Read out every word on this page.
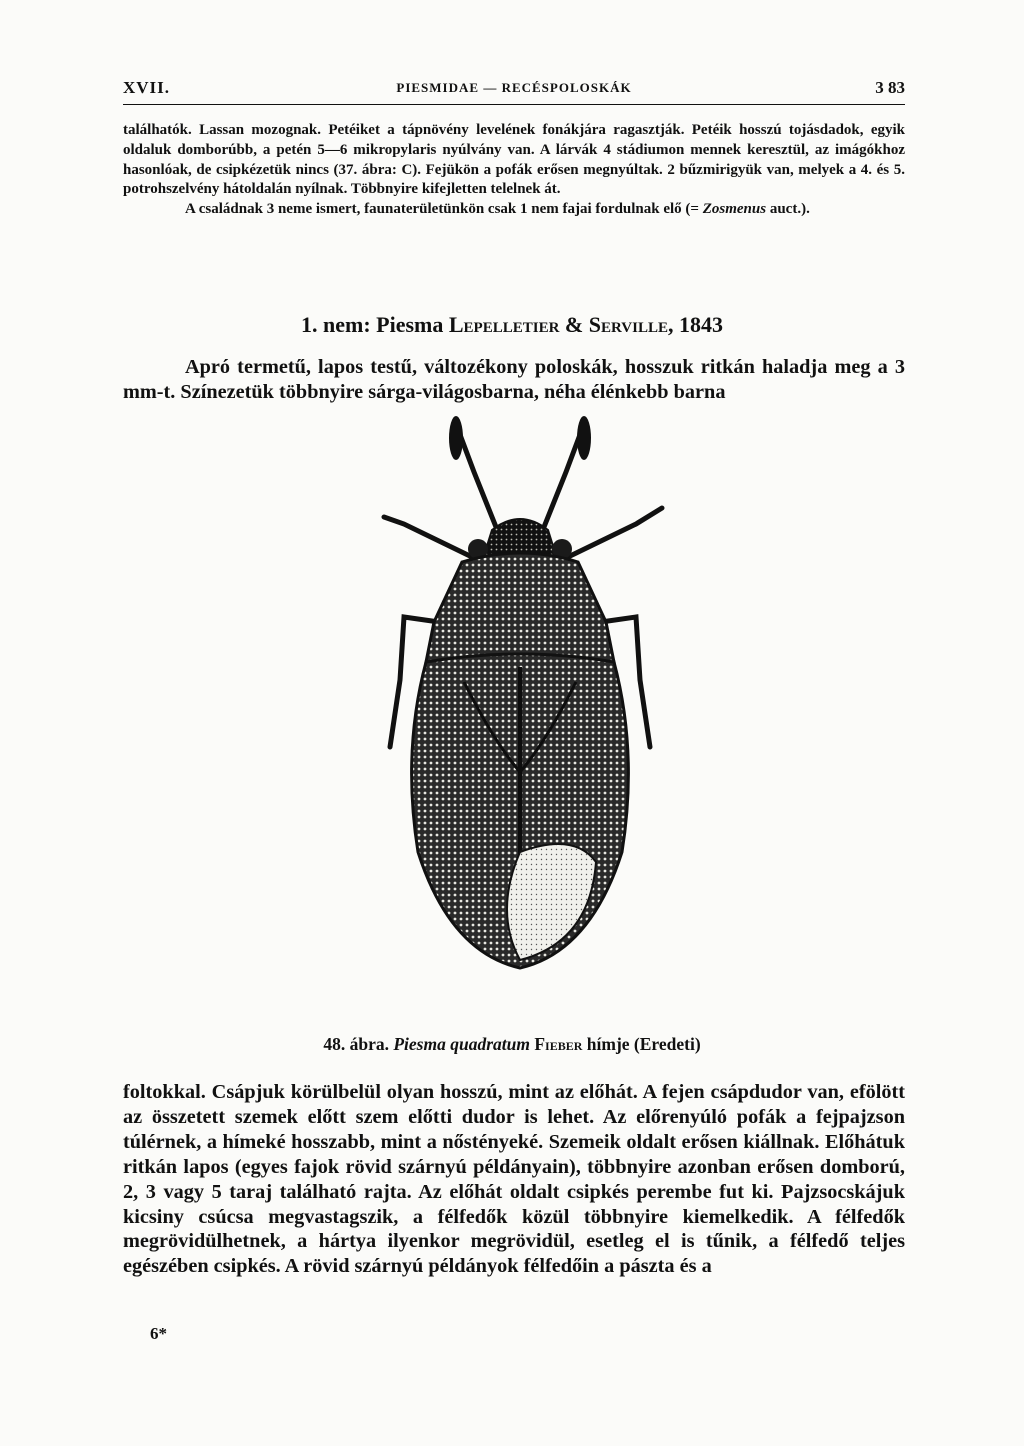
XVII.	PIESMIDAE — RECÉSPOLOSKÁK	3 83

találhatók. Lassan mozognak. Petéiket a tápnövény levelének fonákjára ragasztják. Petéik hosszú tojásdadok, egyik oldaluk domborúbb, a petén 5—6 mikropylaris nyúlvány van. A lárvák 4 stádiumon mennek keresztül, az imágókhoz hasonlóak, de csipkézetük nincs (37. ábra: C). Fejükön a pofák erősen megnyúltak. 2 bűzmirigyük van, melyek a 4. és 5. potrohszelvény hátoldalán nyílnak. Többnyire kifejletten telelnek át.

A családnak 3 neme ismert, faunaterületünkön csak 1 nem fajai fordulnak elő (= Zosmenus auct.).

1. nem: Piesma Lepelletier & Serville, 1843

Apró termetű, lapos testű, változékony poloskák, hosszuk ritkán haladja meg a 3 mm-t. Színezetük többnyire sárga-világosbarna, néha élénkebb barna

48. ábra. Piesma quadratum Fieber hímje (Eredeti)

foltokkal. Csápjuk körülbelül olyan hosszú, mint az előhát. A fejen csápdudor van, efölött az összetett szemek előtt szem előtti dudor is lehet. Az előrenyúló pofák a fejpajzson túlérnek, a hímeké hosszabb, mint a nőstényeké. Szemeik oldalt erősen kiállnak. Előhátuk ritkán lapos (egyes fajok rövid szárnyú példányain), többnyire azonban erősen domború, 2, 3 vagy 5 taraj található rajta. Az előhát oldalt csipkés perembe fut ki. Pajzsocskájuk kicsiny csúcsa megvastagszik, a félfedők közül többnyire kiemelkedik. A félfedők megrövidülhetnek, a hártya ilyenkor megrövidül, esetleg el is tűnik, a félfedő teljes egészében csipkés. A rövid szárnyú példányok félfedőin a pászta és a

6*
